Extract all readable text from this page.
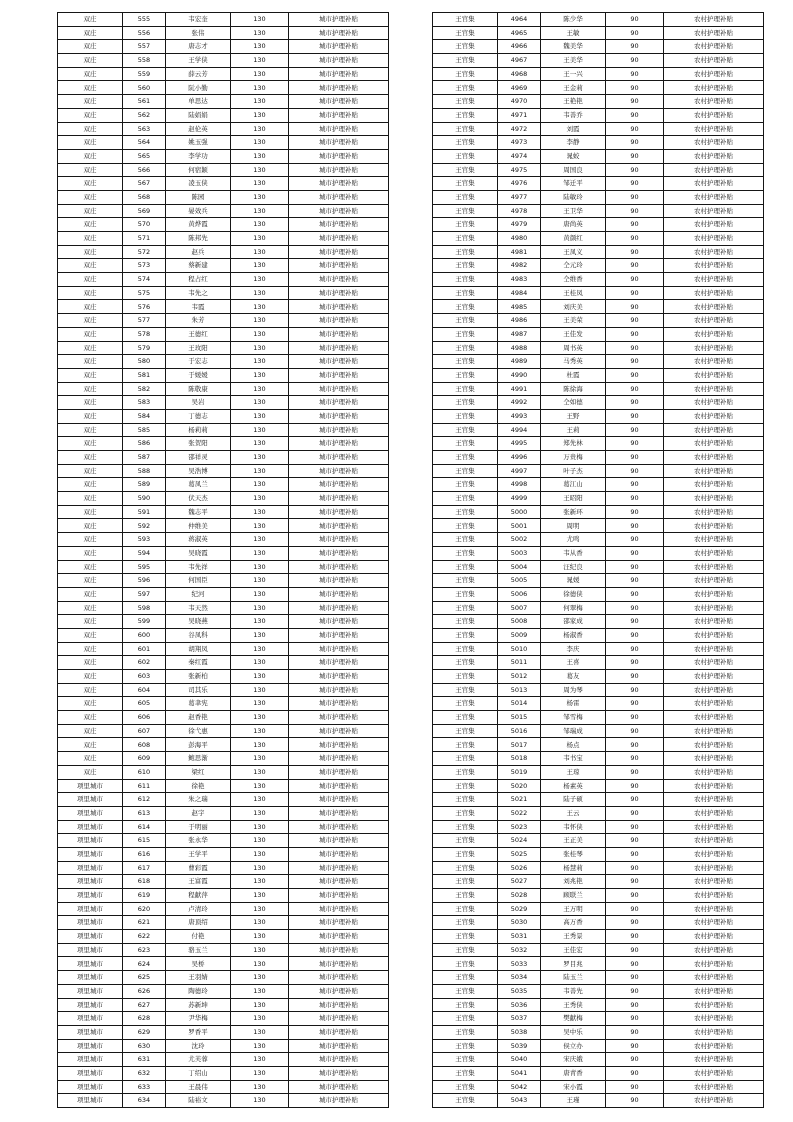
双庄	555	韦宏奎	130	城市护理补贴
双庄	556	张伟	130	城市护理补贴
双庄	557	唐志才	130	城市护理补贴
双庄	558	王学侠	130	城市护理补贴
双庄	559	薛云芳	130	城市护理补贴
双庄	560	阮小勤	130	城市护理补贴
双庄	561	单思达	130	城市护理补贴
双庄	562	陆娟娟	130	城市护理补贴
双庄	563	赵伦英	130	城市护理补贴
双庄	564	姚玉强	130	城市护理补贴
双庄	565	李学功	130	城市护理补贴
双庄	566	何宿颖	130	城市护理补贴
双庄	567	凌玉侠	130	城市护理补贴
双庄	568	陈园	130	城市护理补贴
双庄	569	晏效兵	130	城市护理补贴
双庄	570	黄烨霞	130	城市护理补贴
双庄	571	陈邦先	130	城市护理补贴
双庄	572	赵兵	130	城市护理补贴
双庄	573	蔡新建	130	城市护理补贴
双庄	574	程占红	130	城市护理补贴
双庄	575	韦先之	130	城市护理补贴
双庄	576	韦霞	130	城市护理补贴
双庄	577	朱芳	130	城市护理补贴
双庄	578	王德红	130	城市护理补贴
双庄	579	王玫阳	130	城市护理补贴
双庄	580	于宏志	130	城市护理补贴
双庄	581	于媛媛	130	城市护理补贴
双庄	582	陈敬康	130	城市护理补贴
双庄	583	吴岩	130	城市护理补贴
双庄	584	丁德志	130	城市护理补贴
双庄	585	杨莉莉	130	城市护理补贴
双庄	586	张贺阳	130	城市护理补贴
双庄	587	邵祥灵	130	城市护理补贴
双庄	588	吴浩博	130	城市护理补贴
双庄	589	葛凤兰	130	城市护理补贴
双庄	590	伏天杰	130	城市护理补贴
双庄	591	魏志平	130	城市护理补贴
双庄	592	仲维美	130	城市护理补贴
双庄	593	蒋淑英	130	城市护理补贴
双庄	594	吴晓霞	130	城市护理补贴
双庄	595	韦先祥	130	城市护理补贴
双庄	596	何国臣	130	城市护理补贴
双庄	597	纪河	130	城市护理补贴
双庄	598	韦天然	130	城市护理补贴
双庄	599	吴晓燕	130	城市护理补贴
双庄	600	谷凤科	130	城市护理补贴
双庄	601	胡翔凤	130	城市护理补贴
双庄	602	秦红霞	130	城市护理补贴
双庄	603	张新柏	130	城市护理补贴
双庄	604	司其乐	130	城市护理补贴
双庄	605	葛聿宪	130	城市护理补贴
双庄	606	赵香艳	130	城市护理补贴
双庄	607	徐弋惠	130	城市护理补贴
双庄	608	彭海平	130	城市护理补贴
双庄	609	鲍思渐	130	城市护理补贴
双庄	610	梁红	130	城市护理补贴
项里城市	611	徐艳	130	城市护理补贴
项里城市	612	朱之瑞	130	城市护理补贴
项里城市	613	赵宇	130	城市护理补贴
项里城市	614	于明丽	130	城市护理补贴
项里城市	615	张永华	130	城市护理补贴
项里城市	616	王学平	130	城市护理补贴
项里城市	617	曹彩霞	130	城市护理补贴
项里城市	618	王富霞	130	城市护理补贴
项里城市	619	程献萍	130	城市护理补贴
项里城市	620	卢清玲	130	城市护理补贴
项里城市	621	唐顶绍	130	城市护理补贴
项里城市	622	付艳	130	城市护理补贴
项里城市	623	骆玉兰	130	城市护理补贴
项里城市	624	吴桥	130	城市护理补贴
项里城市	625	王羽婧	130	城市护理补贴
项里城市	626	陶德玲	130	城市护理补贴
项里城市	627	苏新坤	130	城市护理补贴
项里城市	628	尹华梅	130	城市护理补贴
项里城市	629	罗香平	130	城市护理补贴
项里城市	630	沈玲	130	城市护理补贴
项里城市	631	尤芙蓉	130	城市护理补贴
项里城市	632	丁绍山	130	城市护理补贴
项里城市	633	王晨伟	130	城市护理补贴
项里城市	634	陆裕文	130	城市护理补贴
王官集	4964	陈少华	90	农村护理补贴
王官集	4965	王敏	90	农村护理补贴
王官集	4966	魏美华	90	农村护理补贴
王官集	4967	王美华	90	农村护理补贴
王官集	4968	王一兴	90	农村护理补贴
王官集	4969	王金莉	90	农村护理补贴
王官集	4970	王艳艳	90	农村护理补贴
王官集	4971	韦善乔	90	农村护理补贴
王官集	4972	刘霞	90	农村护理补贴
王官集	4973	李静	90	农村护理补贴
王官集	4974	晁蛟	90	农村护理补贴
王官集	4975	周国良	90	农村护理补贴
王官集	4976	邹迁平	90	农村护理补贴
王官集	4977	陆敏玲	90	农村护理补贴
王官集	4978	王卫华	90	农村护理补贴
王官集	4979	唐尚英	90	农村护理补贴
王官集	4980	黄颜红	90	农村护理补贴
王官集	4981	王凤义	90	农村护理补贴
王官集	4982	仝元玲	90	农村护理补贴
王官集	4983	仝维香	90	农村护理补贴
王官集	4984	王桂凤	90	农村护理补贴
王官集	4985	刘庆美	90	农村护理补贴
王官集	4986	王美荣	90	农村护理补贴
王官集	4987	王佳发	90	农村护理补贴
王官集	4988	周书英	90	农村护理补贴
王官集	4989	马秀英	90	农村护理补贴
王官集	4990	杜霞	90	农村护理补贴
王官集	4991	陈徐海	90	农村护理补贴
王官集	4992	仝如德	90	农村护理补贴
王官集	4993	王野	90	农村护理补贴
王官集	4994	王莉	90	农村护理补贴
王官集	4995	郑先林	90	农村护理补贴
王官集	4996	万贵梅	90	农村护理补贴
王官集	4997	叶子杰	90	农村护理补贴
王官集	4998	葛江山	90	农村护理补贴
王官集	4999	王昭阳	90	农村护理补贴
王官集	5000	张新环	90	农村护理补贴
王官集	5001	周明	90	农村护理补贴
王官集	5002	尤鸣	90	农村护理补贴
王官集	5003	韦从香	90	农村护理补贴
王官集	5004	汪纪良	90	农村护理补贴
王官集	5005	晁媛	90	农村护理补贴
王官集	5006	徐德侠	90	农村护理补贴
王官集	5007	何翠梅	90	农村护理补贴
王官集	5008	邵家成	90	农村护理补贴
王官集	5009	杨淑香	90	农村护理补贴
王官集	5010	李庆	90	农村护理补贴
王官集	5011	王喜	90	农村护理补贴
王官集	5012	葛友	90	农村护理补贴
王官集	5013	周为琴	90	农村护理补贴
王官集	5014	杨雷	90	农村护理补贴
王官集	5015	邹雪梅	90	农村护理补贴
王官集	5016	邹瑞成	90	农村护理补贴
王官集	5017	杨点	90	农村护理补贴
王官集	5018	韦书宝	90	农村护理补贴
王官集	5019	王琼	90	农村护理补贴
王官集	5020	杨素英	90	农村护理补贴
王官集	5021	陆子硕	90	农村护理补贴
王官集	5022	王云	90	农村护理补贴
王官集	5023	韦怀侠	90	农村护理补贴
王官集	5024	王正美	90	农村护理补贴
王官集	5025	张桂琴	90	农村护理补贴
王官集	5026	杨慧莉	90	农村护理补贴
王官集	5027	刘兆艳	90	农村护理补贴
王官集	5028	顾联兰	90	农村护理补贴
王官集	5029	王万明	90	农村护理补贴
王官集	5030	高万香	90	农村护理补贴
王官集	5031	王秀景	90	农村护理补贴
王官集	5032	王佳宏	90	农村护理补贴
王官集	5033	罗目兆	90	农村护理补贴
王官集	5034	陆玉兰	90	农村护理补贴
王官集	5035	韦善先	90	农村护理补贴
王官集	5036	王秀侠	90	农村护理补贴
王官集	5037	樊献梅	90	农村护理补贴
王官集	5038	吴中乐	90	农村护理补贴
王官集	5039	侯立办	90	农村护理补贴
王官集	5040	宋庆娥	90	农村护理补贴
王官集	5041	唐青香	90	农村护理补贴
王官集	5042	宋小霞	90	农村护理补贴
王官集	5043	王瑾	90	农村护理补贴
